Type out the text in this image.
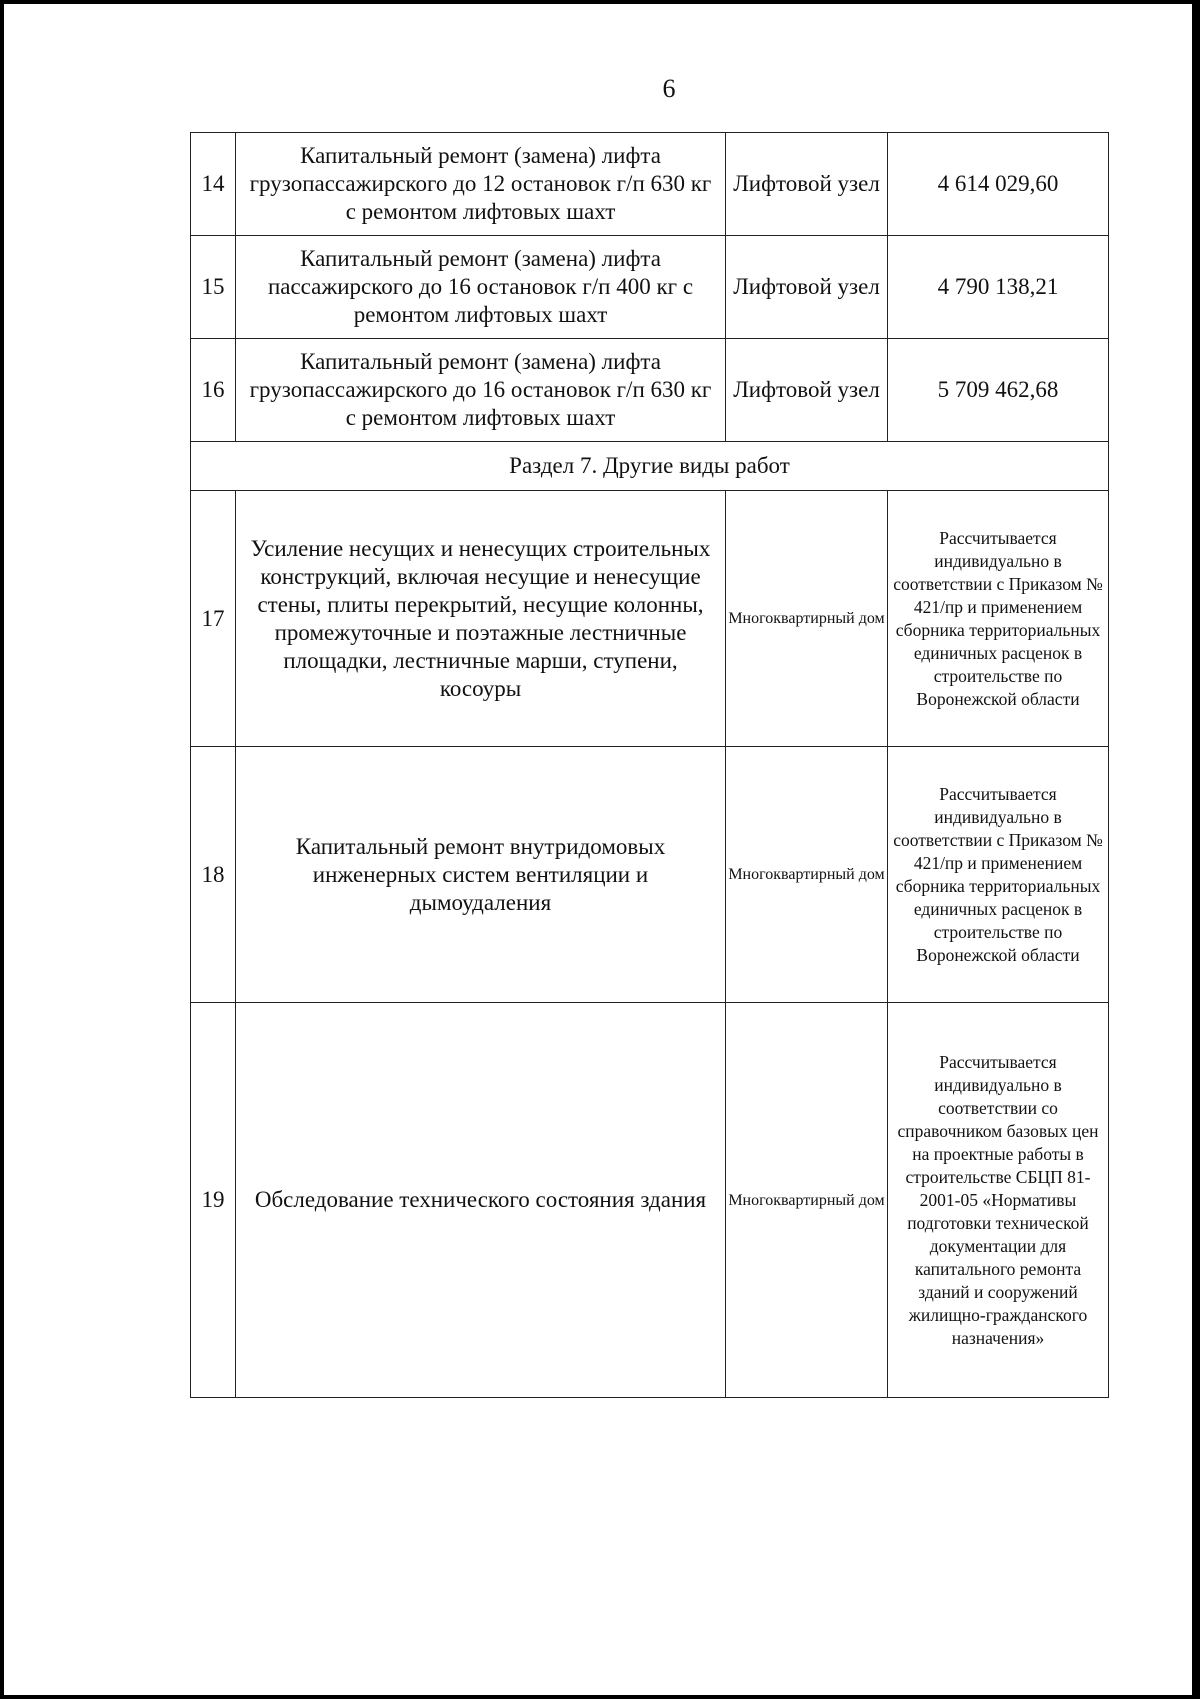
6
14	Капитальный ремонт (замена) лифта грузопассажирского до 12 остановок г/п 630 кг с ремонтом лифтовых шахт	Лифтовой узел	4 614 029,60
15	Капитальный ремонт (замена) лифта пассажирского до 16 остановок г/п 400 кг с ремонтом лифтовых шахт	Лифтовой узел	4 790 138,21
16	Капитальный ремонт (замена) лифта грузопассажирского до 16 остановок г/п 630 кг с ремонтом лифтовых шахт	Лифтовой узел	5 709 462,68
Раздел 7. Другие виды работ			
17	Усиление несущих и ненесущих строительных конструкций, включая несущие и ненесущие стены, плиты перекрытий, несущие колонны, промежуточные и поэтажные лестничные площадки, лестничные марши, ступени, косоуры	Многоквартирный дом	Рассчитывается индивидуально в соответствии с Приказом № 421/пр и применением сборника территориальных единичных расценок в строительстве по Воронежской области
18	Капитальный ремонт внутридомовых инженерных систем вентиляции и дымоудаления	Многоквартирный дом	Рассчитывается индивидуально в соответствии с Приказом № 421/пр и применением сборника территориальных единичных расценок в строительстве по Воронежской области
19	Обследование технического состояния здания	Многоквартирный дом	Рассчитывается индивидуально в соответствии со справочником базовых цен на проектные работы в строительстве СБЦП 81-2001-05 «Нормативы подготовки технической документации для капитального ремонта зданий и сооружений жилищно-гражданского назначения»
